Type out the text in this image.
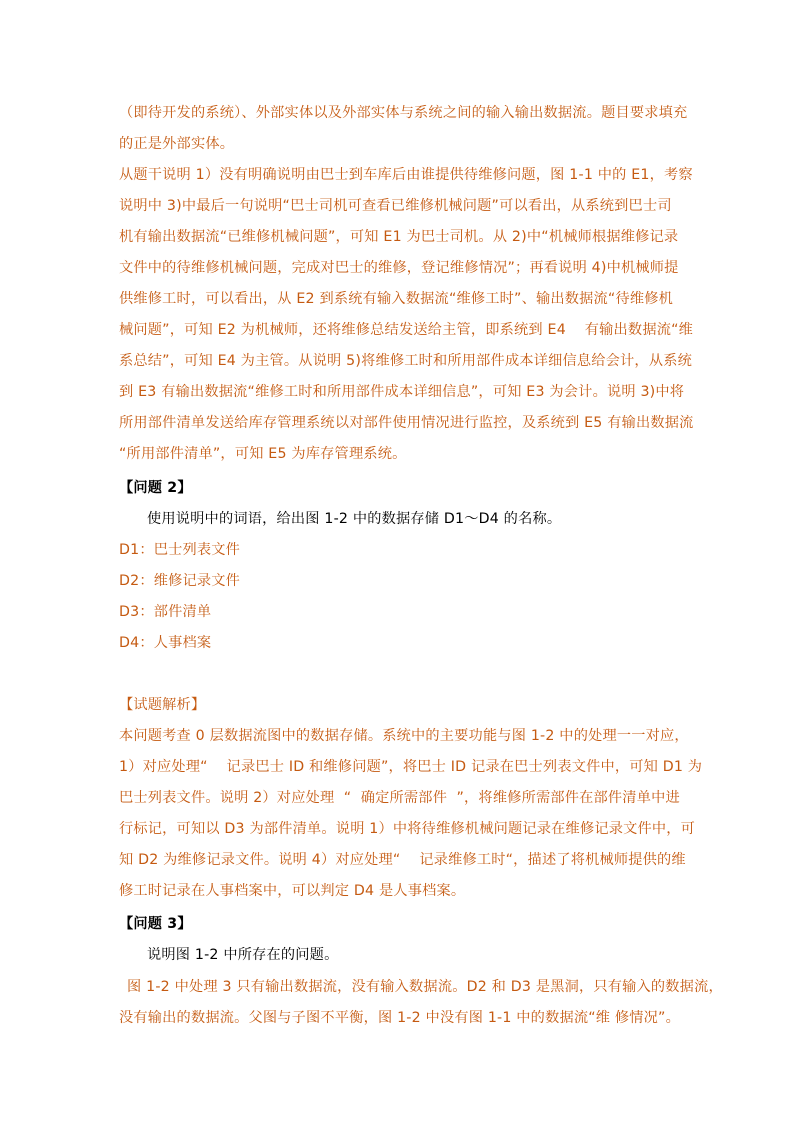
（即待开发的系统）、外部实体以及外部实体与系统之间的输入输出数据流。题目要求填充
的正是外部实体。
从题干说明 1）没有明确说明由巴士到车库后由谁提供待维修问题，图 1-1 中的 E1，考察
说明中 3)中最后一句说明“巴士司机可查看已维修机械问题”可以看出，从系统到巴士司
机有输出数据流“已维修机械问题”，可知 E1 为巴士司机。从 2)中“机械师根据维修记录
文件中的待维修机械问题，完成对巴士的维修，登记维修情况”；再看说明 4)中机械师提
供维修工时，可以看出，从 E2 到系统有输入数据流“维修工时”、输出数据流“待维修机
械问题”，可知 E2 为机械师，还将维修总结发送给主管，即系统到 E4    有输出数据流“维
系总结”，可知 E4 为主管。从说明 5)将维修工时和所用部件成本详细信息给会计，从系统
到 E3 有输出数据流“维修工时和所用部件成本详细信息”，可知 E3 为会计。说明 3)中将
所用部件清单发送给库存管理系统以对部件使用情况进行监控，及系统到 E5 有输出数据流
“所用部件清单”，可知 E5 为库存管理系统。
【问题 2】
使用说明中的词语，给出图 1-2 中的数据存储 D1～D4 的名称。
D1：巴士列表文件
D2：维修记录文件
D3：部件清单
D4：人事档案
【试题解析】
本问题考查 0 层数据流图中的数据存储。系统中的主要功能与图 1-2 中的处理一一对应，
1）对应处理“    记录巴士 ID 和维修问题”，将巴士 ID 记录在巴士列表文件中，可知 D1 为
巴士列表文件。说明 2）对应处理  “  确定所需部件  ”，将维修所需部件在部件清单中进
行标记，可知以 D3 为部件清单。说明 1）中将待维修机械问题记录在维修记录文件中，可
知 D2 为维修记录文件。说明 4）对应处理“    记录维修工时“，描述了将机械师提供的维
修工时记录在人事档案中，可以判定 D4 是人事档案。
【问题 3】
说明图 1-2 中所存在的问题。
图 1-2 中处理 3 只有输出数据流，没有输入数据流。D2 和 D3 是黑洞，只有输入的数据流，
没有输出的数据流。父图与子图不平衡，图 1-2 中没有图 1-1 中的数据流“维 修情况”。
